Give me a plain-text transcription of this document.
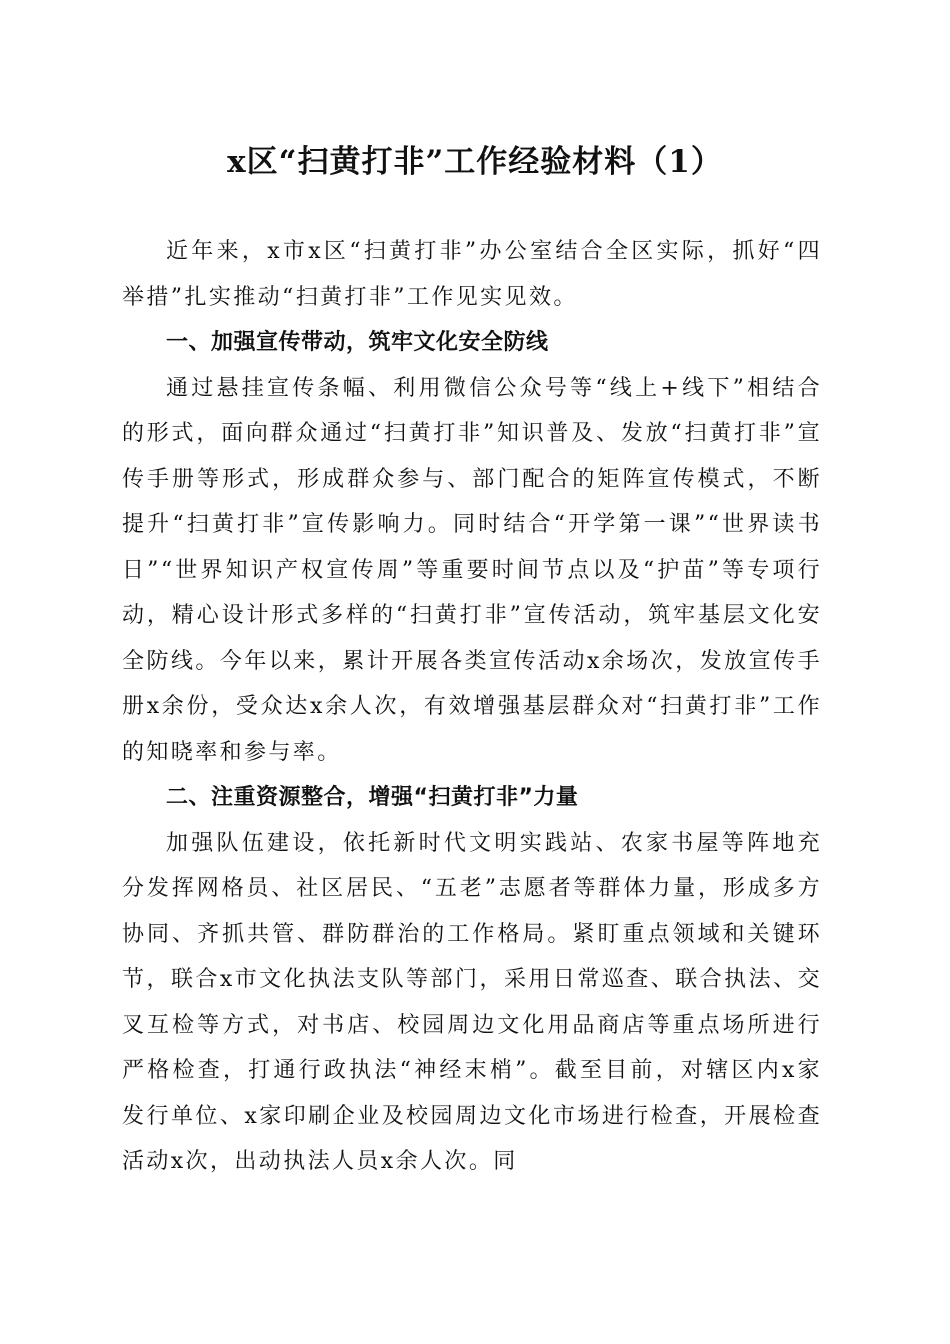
x区“扫黄打非”工作经验材料（1）

近年来，x市x区“扫黄打非”办公室结合全区实际，抓好“四举措”扎实推动“扫黄打非”工作见实见效。

一、加强宣传带动，筑牢文化安全防线

通过悬挂宣传条幅、利用微信公众号等“线上+线下”相结合的形式，面向群众通过“扫黄打非”知识普及、发放“扫黄打非”宣传手册等形式，形成群众参与、部门配合的矩阵宣传模式，不断提升“扫黄打非”宣传影响力。同时结合“开学第一课”“世界读书日”“世界知识产权宣传周”等重要时间节点以及“护苗”等专项行动，精心设计形式多样的“扫黄打非”宣传活动，筑牢基层文化安全防线。今年以来，累计开展各类宣传活动x余场次，发放宣传手册x余份，受众达x余人次，有效增强基层群众对“扫黄打非”工作的知晓率和参与率。

二、注重资源整合，增强“扫黄打非”力量

加强队伍建设，依托新时代文明实践站、农家书屋等阵地充分发挥网格员、社区居民、“五老”志愿者等群体力量，形成多方协同、齐抓共管、群防群治的工作格局。紧盯重点领域和关键环节，联合x市文化执法支队等部门，采用日常巡查、联合执法、交叉互检等方式，对书店、校园周边文化用品商店等重点场所进行严格检查，打通行政执法“神经末梢”。截至目前，对辖区内x家发行单位、x家印刷企业及校园周边文化市场进行检查，开展检查活动x次，出动执法人员x余人次。同
